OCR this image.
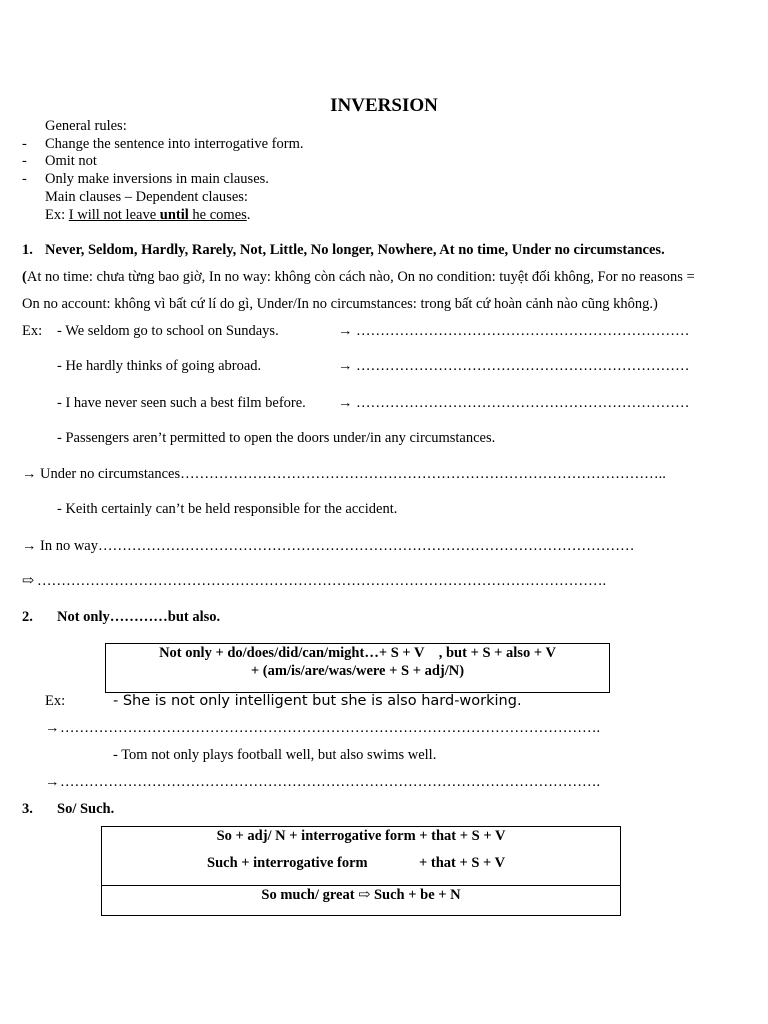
INVERSION
General rules:
- Change the sentence into interrogative form.
- Omit not
- Only make inversions in main clauses.
Main clauses – Dependent clauses:
Ex: I will not leave until he comes.
1. Never, Seldom, Hardly, Rarely, Not, Little, No longer, Nowhere, At no time, Under no circumstances.
(At no time: chưa từng bao giờ, In no way: không còn cách nào, On no condition: tuyệt đối không, For no reasons =
On no account: không vì bất cứ lí do gì, Under/In no circumstances: trong bất cứ hoàn cảnh nào cũng không.)
Ex: - We seldom go to school on Sundays.	→ ……………………………………………………………
- He hardly thinks of going abroad.	→ ……………………………………………………………
- I have never seen such a best film before. → ……………………………………………………………
- Passengers aren’t permitted to open the doors under/in any circumstances.
→ Under no circumstances………………………………………………………………………………………..
- Keith certainly can’t be held responsible for the accident.
→ In no way…………………………………………………………………………………………………
⇨ ……………………………………………………………………………………………………….
2. Not only…………but also.
Not only + do/does/did/can/might…+ S + V    , but + S + also + V
+ (am/is/are/was/were + S + adj/N)
Ex:	- She is not only intelligent but she is also hard-working.
→………………………………………………………………………………………………….
- Tom not only plays football well, but also swims well.
→………………………………………………………………………………………………….
3. So/ Such.
So + adj/ N + interrogative form + that + S + V
Such + interrogative form	+ that + S + V
So much/ great ⇨ Such + be + N
